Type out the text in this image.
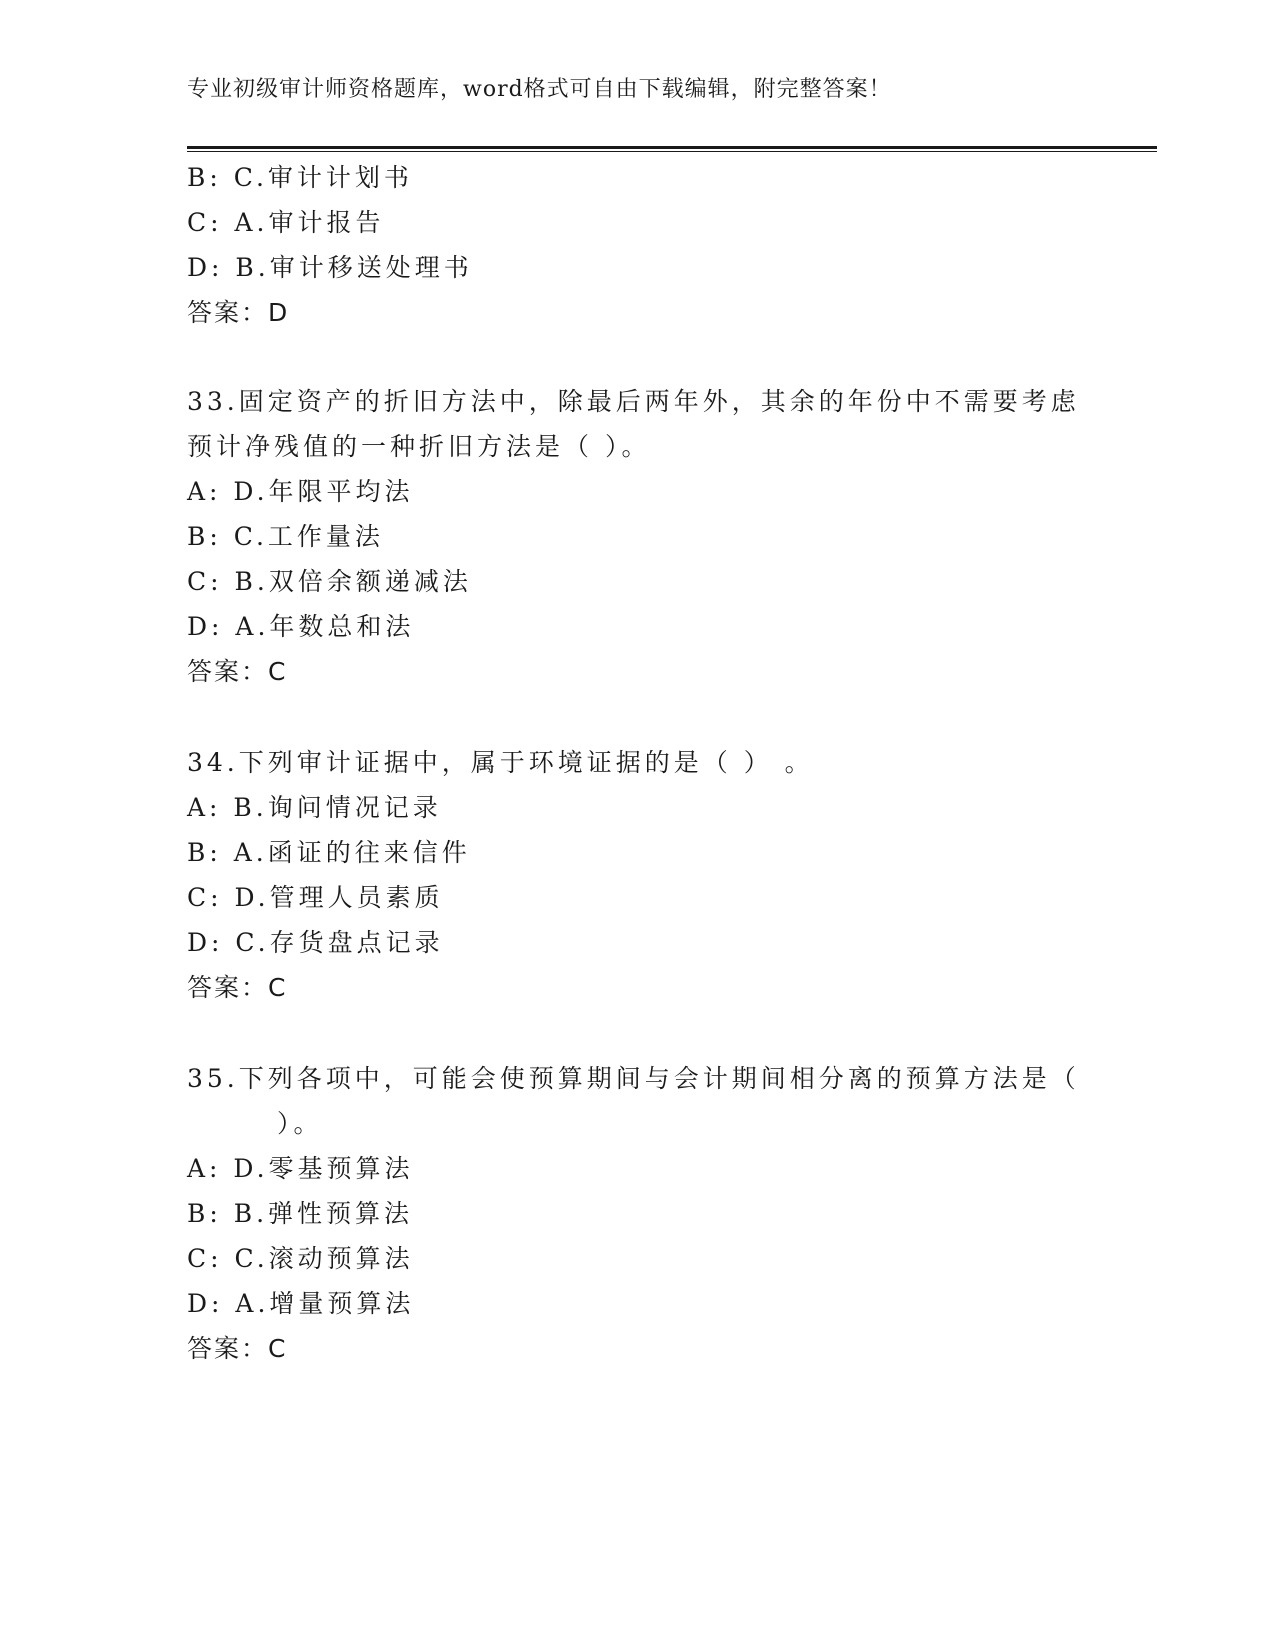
专业初级审计师资格题库，word格式可自由下载编辑，附完整答案！
B: C.审计计划书
C: A.审计报告
D: B.审计移送处理书
答案：D
33.固定资产的折旧方法中，除最后两年外，其余的年份中不需要考虑
预计净残值的一种折旧方法是（ ）。
A: D.年限平均法
B: C.工作量法
C: B.双倍余额递减法
D: A.年数总和法
答案：C
34.下列审计证据中，属于环境证据的是（ ） 。
A: B.询问情况记录
B: A.函证的往来信件
C: D.管理人员素质
D: C.存货盘点记录
答案：C
35.下列各项中，可能会使预算期间与会计期间相分离的预算方法是（
）。
A: D.零基预算法
B: B.弹性预算法
C: C.滚动预算法
D: A.增量预算法
答案：C
